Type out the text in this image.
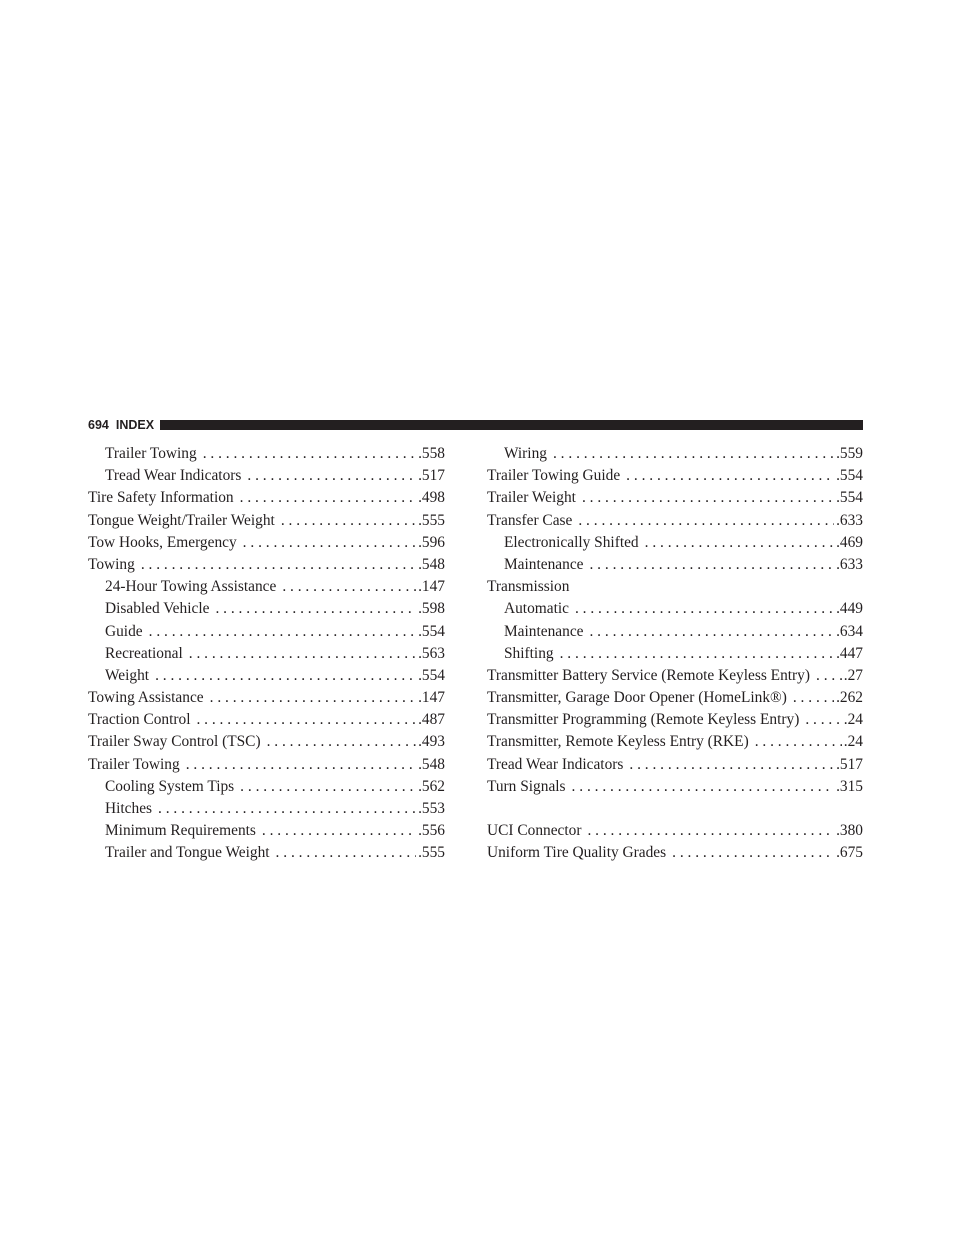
694 INDEX
Trailer Towing . . .	.558
Tread Wear Indicators . . .	.517
Tire Safety Information . . .	.498
Tongue Weight/Trailer Weight . . .	.555
Tow Hooks, Emergency . . .	.596
Towing . . .	.548
24-Hour Towing Assistance . . .	.147
Disabled Vehicle . . .	.598
Guide . . .	.554
Recreational . . .	.563
Weight . . .	.554
Towing Assistance . . .	.147
Traction Control . . .	.487
Trailer Sway Control (TSC) . . .	.493
Trailer Towing . . .	.548
Cooling System Tips . . .	.562
Hitches . . .	.553
Minimum Requirements . . .	.556
Trailer and Tongue Weight . . .	.555
Wiring . . .	.559
Trailer Towing Guide . . .	.554
Trailer Weight . . .	.554
Transfer Case . . .	.633
Electronically Shifted . . .	.469
Maintenance . . .	.633
Transmission
Automatic . . .	.449
Maintenance . . .	.634
Shifting . . .	.447
Transmitter Battery Service (Remote Keyless Entry) . . . .27
Transmitter, Garage Door Opener (HomeLink®) . . .	.262
Transmitter Programming (Remote Keyless Entry) . . .	.24
Transmitter, Remote Keyless Entry (RKE) . . .	.24
Tread Wear Indicators . . .	.517
Turn Signals . . .	.315
UCI Connector . . .	.380
Uniform Tire Quality Grades . . .	.675
